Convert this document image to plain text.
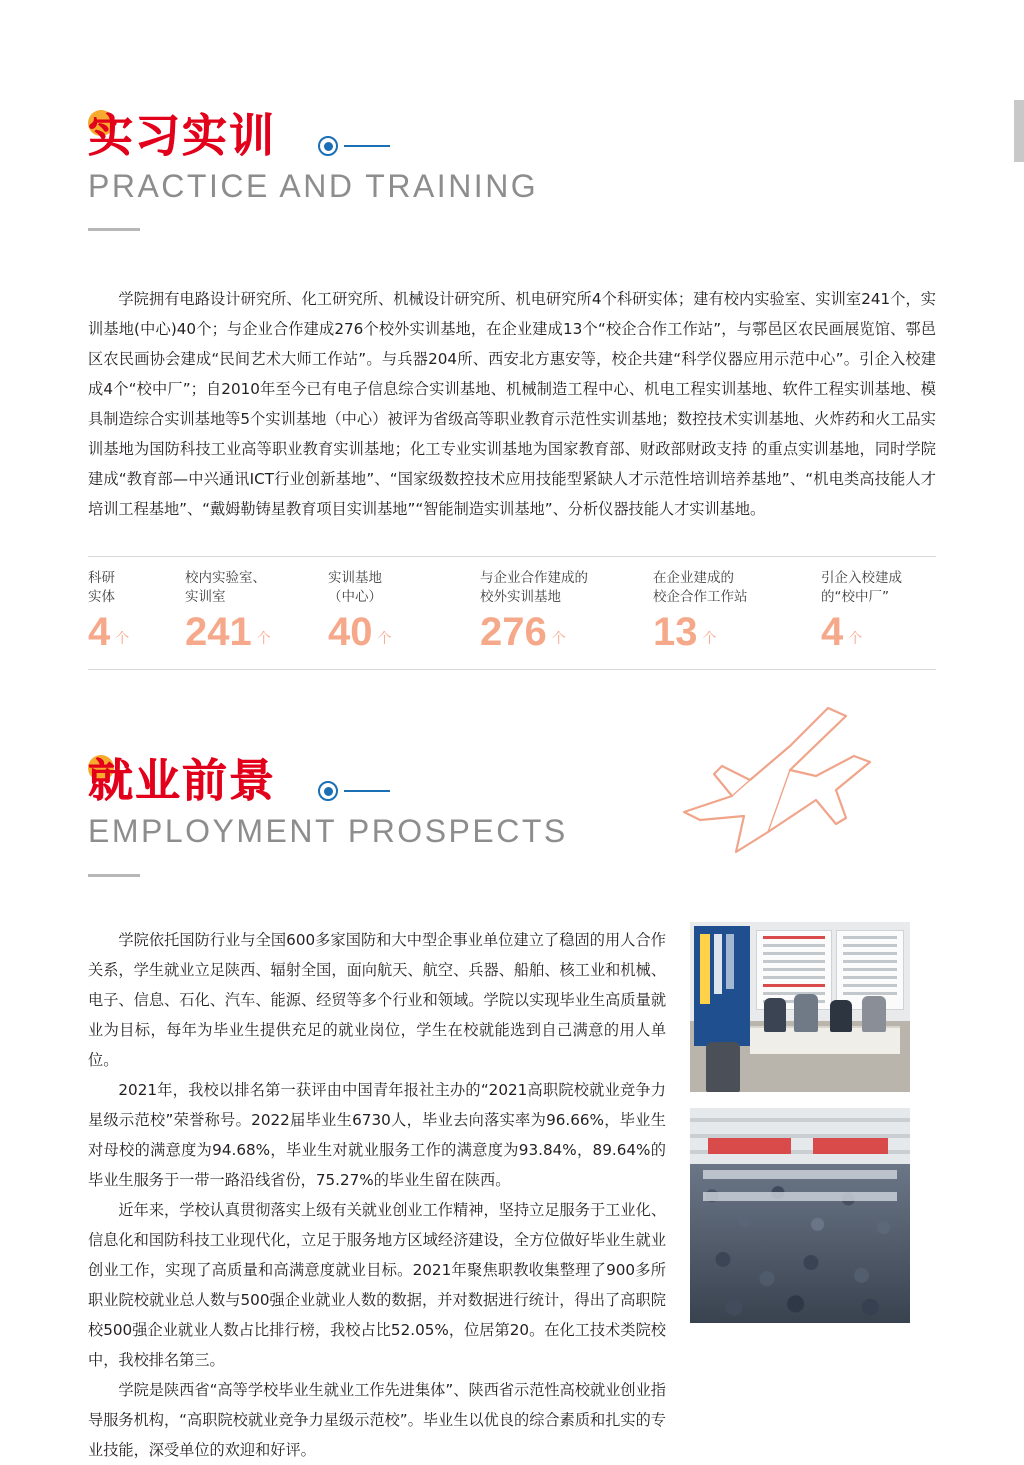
实习实训
PRACTICE AND TRAINING

学院拥有电路设计研究所、化工研究所、机械设计研究所、机电研究所4个科研实体；建有校内实验室、实训室241个，实训基地(中心)40个；与企业合作建成276个校外实训基地，在企业建成13个“校企合作工作站”，与鄠邑区农民画展览馆、鄠邑区农民画协会建成“民间艺术大师工作站”。与兵器204所、西安北方惠安等，校企共建“科学仪器应用示范中心”。引企入校建成4个“校中厂”；自2010年至今已有电子信息综合实训基地、机械制造工程中心、机电工程实训基地、软件工程实训基地、模具制造综合实训基地等5个实训基地（中心）被评为省级高等职业教育示范性实训基地；数控技术实训基地、火炸药和火工品实训基地为国防科技工业高等职业教育实训基地；化工专业实训基地为国家教育部、财政部财政支持 的重点实训基地，同时学院建成“教育部—中兴通讯ICT行业创新基地”、“国家级数控技术应用技能型紧缺人才示范性培训培养基地”、“机电类高技能人才培训工程基地”、“戴姆勒铸星教育项目实训基地”“智能制造实训基地”、分析仪器技能人才实训基地。

科研
实体
4 个
校内实验室、
实训室
241 个
实训基地
（中心）
40 个
与企业合作建成的
校外实训基地
276 个
在企业建成的
校企合作工作站
13 个
引企入校建成
的“校中厂”
4 个
就业前景
EMPLOYMENT PROSPECTS

学院依托国防行业与全国600多家国防和大中型企事业单位建立了稳固的用人合作关系，学生就业立足陕西、辐射全国，面向航天、航空、兵器、船舶、核工业和机械、电子、信息、石化、汽车、能源、经贸等多个行业和领域。学院以实现毕业生高质量就业为目标，每年为毕业生提供充足的就业岗位，学生在校就能选到自己满意的用人单位。

2021年，我校以排名第一获评由中国青年报社主办的“2021高职院校就业竞争力星级示范校”荣誉称号。2022届毕业生6730人，毕业去向落实率为96.66%，毕业生对母校的满意度为94.68%，毕业生对就业服务工作的满意度为93.84%，89.64%的毕业生服务于一带一路沿线省份，75.27%的毕业生留在陕西。

近年来，学校认真贯彻落实上级有关就业创业工作精神，坚持立足服务于工业化、信息化和国防科技工业现代化，立足于服务地方区域经济建设，全方位做好毕业生就业创业工作，实现了高质量和高满意度就业目标。2021年聚焦职教收集整理了900多所职业院校就业总人数与500强企业就业人数的数据，并对数据进行统计，得出了高职院校500强企业就业人数占比排行榜，我校占比52.05%，位居第20。在化工技术类院校中，我校排名第三。

学院是陕西省“高等学校毕业生就业工作先进集体”、陕西省示范性高校就业创业指导服务机构，“高职院校就业竞争力星级示范校”。毕业生以优良的综合素质和扎实的专业技能，深受单位的欢迎和好评。
